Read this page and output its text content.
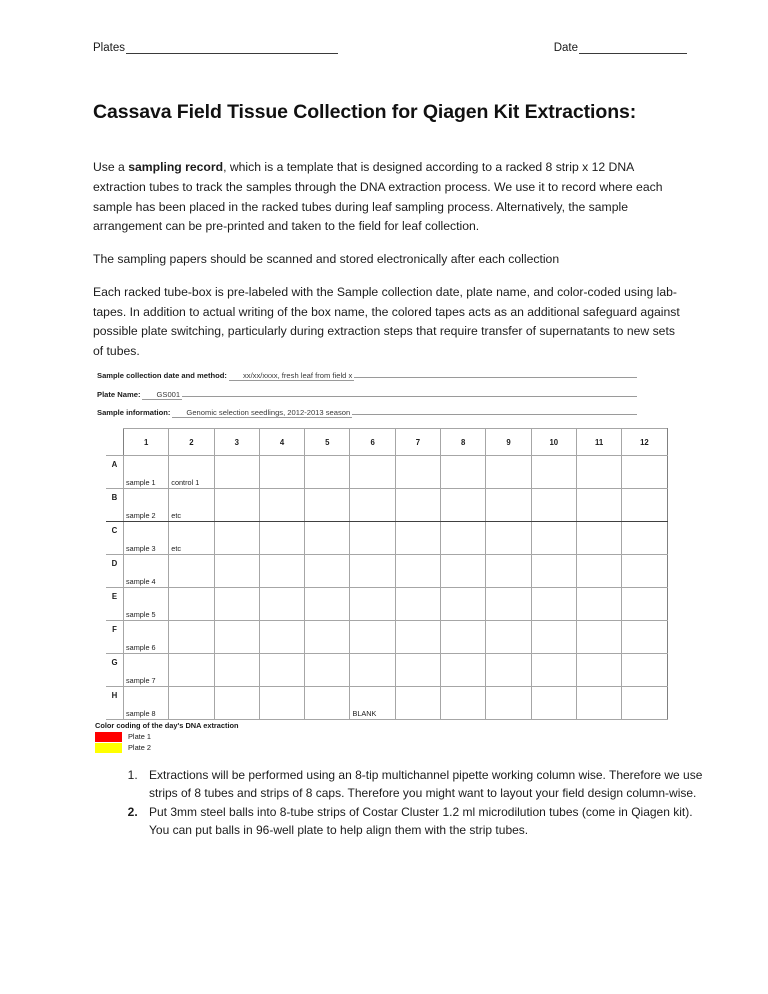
Plates	Date
Cassava Field Tissue Collection for Qiagen Kit Extractions:

Use a sampling record, which is a template that is designed according to a racked 8 strip x 12 DNA extraction tubes to track the samples through the DNA extraction process. We use it to record where each sample has been placed in the racked tubes during leaf sampling process. Alternatively, the sample arrangement can be pre-printed and taken to the field for leaf collection.

The sampling papers should be scanned and stored electronically after each collection

Each racked tube-box is pre-labeled with the Sample collection date, plate name, and color-coded using lab-tapes. In addition to actual writing of the box name, the colored tapes acts as an additional safeguard against possible plate switching, particularly during extraction steps that require transfer of supernatants to new sets of tubes.

Sample collection date and method:	xx/xx/xxxx, fresh leaf from field x
Plate Name:	GS001
Sample information:	Genomic selection seedlings, 2012-2013 season
	1	2	3	4	5	6	7	8	9	10	11	12
A	sample 1	control 1										
B	sample 2	etc										
C	sample 3	etc										
D	sample 4											
E	sample 5											
F	sample 6											
G	sample 7											
H	sample 8					BLANK						
Color coding of the day's DNA extraction
Plate 1
Plate 2
1. Extractions will be performed using an 8-tip multichannel pipette working column wise. Therefore we use strips of 8 tubes and strips of 8 caps. Therefore you might want to layout your field design column-wise.
2. Put 3mm steel balls into 8-tube strips of Costar Cluster 1.2 ml microdilution tubes (come in Qiagen kit). You can put balls in 96-well plate to help align them with the strip tubes.
